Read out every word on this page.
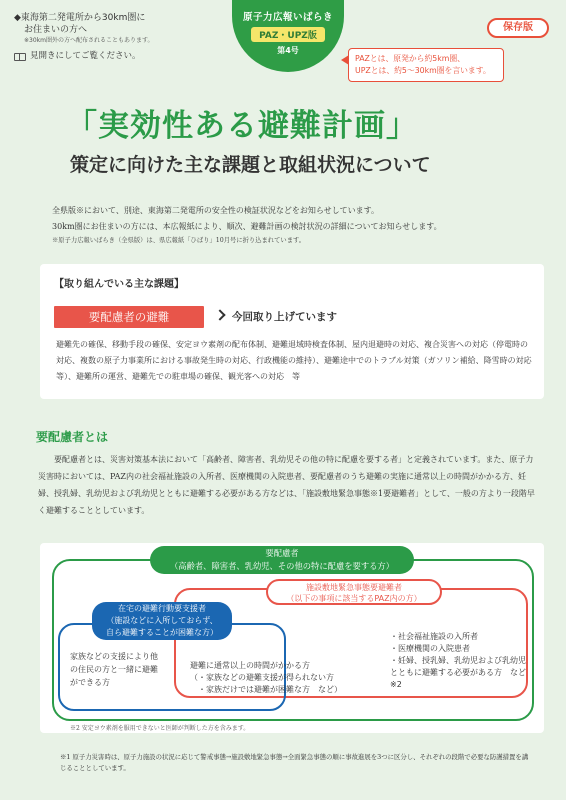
◆東海第二発電所から30km圏に
お住まいの方へ
※30km圏外の方へ配布されることもあります。
見開きにしてご覧ください。
原子力広報いばらき
PAZ・UPZ版
第4号
保存版
PAZとは、原発から約5km圏、
UPZとは、約5～30km圏を言います。
「実効性ある避難計画」
策定に向けた主な課題と取組状況について
全県版※において、別途、東海第二発電所の安全性の検証状況などをお知らせしています。
30km圏にお住まいの方には、本広報紙により、順次、避難計画の検討状況の詳細についてお知らせします。
※原子力広報いばらき（全県版）は、県広報紙「ひばり」10月号に折り込まれています。
【取り組んでいる主な課題】
要配慮者の避難	今回取り上げています
避難先の確保、移動手段の確保、安定ヨウ素剤の配布体制、避難退域時検査体制、屋内退避時の対応、複合災害への対応（停電時の対応、複数の原子力事業所における事故発生時の対応、行政機能の維持）、避難途中でのトラブル対策（ガソリン補給、降雪時の対応等）、避難所の運営、避難先での駐車場の確保、観光客への対応　等
要配慮者とは
要配慮者とは、災害対策基本法において「高齢者、障害者、乳幼児その他の特に配慮を要する者」と定義されています。また、原子力災害時においては、PAZ内の社会福祉施設の入所者、医療機関の入院患者、要配慮者のうち避難の実施に通常以上の時間がかかる方、妊婦、授乳婦、乳幼児および乳幼児とともに避難する必要がある方などは、「施設敷地緊急事態※1要避難者」として、一般の方より一段階早く避難することとしています。
要配慮者
（高齢者、障害者、乳幼児、その他の特に配慮を要する方）
施設敷地緊急事態要避難者
（以下の事項に該当するPAZ内の方）
在宅の避難行動要支援者
（施設などに入所しておらず、
自ら避難することが困難な方）
家族などの支援により他の住民の方と一緒に避難ができる方
避難に通常以上の時間がかかる方
（・家族などの避難支援が得られない方
　・家族だけでは避難が困難な方　など）
・社会福祉施設の入所者
・医療機関の入院患者
・妊婦、授乳婦、乳幼児および乳幼児とともに避難する必要がある方　など※2
※2 安定ヨウ素剤を服用できないと医師が判断した方を含みます。
※1 原子力災害時は、原子力施設の状況に応じて警戒事態→施設敷地緊急事態→全面緊急事態の順に事故進展を3つに区分し、それぞれの段階で必要な防護措置を講じることとしています。
